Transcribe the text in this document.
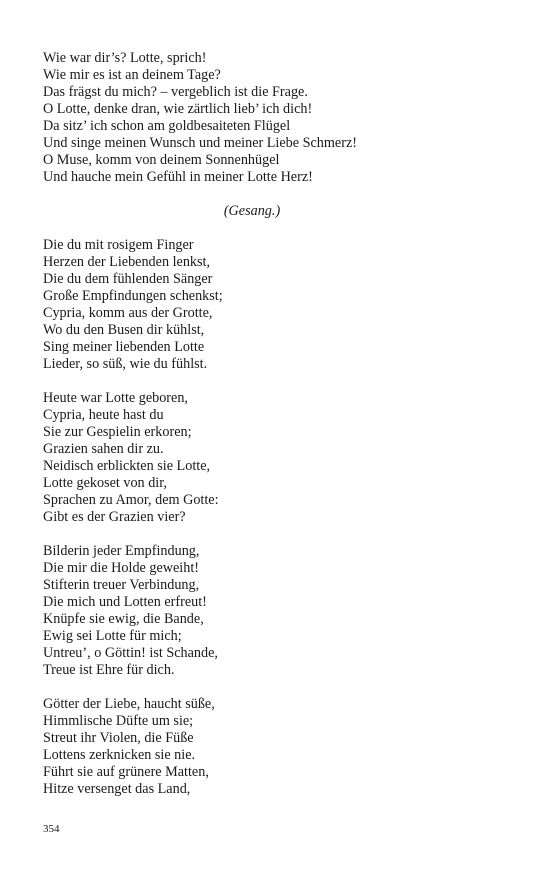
Wie war dir’s? Lotte, sprich!
Wie mir es ist an deinem Tage?
Das frägst du mich? – vergeblich ist die Frage.
O Lotte, denke dran, wie zärtlich lieb’ ich dich!
Da sitz’ ich schon am goldbesaiteten Flügel
Und singe meinen Wunsch und meiner Liebe Schmerz!
O Muse, komm von deinem Sonnenhügel
Und hauche mein Gefühl in meiner Lotte Herz!
(Gesang.)
Die du mit rosigem Finger
Herzen der Liebenden lenkst,
Die du dem fühlenden Sänger
Große Empfindungen schenkst;
Cypria, komm aus der Grotte,
Wo du den Busen dir kühlst,
Sing meiner liebenden Lotte
Lieder, so süß, wie du fühlst.
Heute war Lotte geboren,
Cypria, heute hast du
Sie zur Gespielin erkoren;
Grazien sahen dir zu.
Neidisch erblickten sie Lotte,
Lotte gekoset von dir,
Sprachen zu Amor, dem Gotte:
Gibt es der Grazien vier?
Bilderin jeder Empfindung,
Die mir die Holde geweiht!
Stifterin treuer Verbindung,
Die mich und Lotten erfreut!
Knüpfe sie ewig, die Bande,
Ewig sei Lotte für mich;
Untreu’, o Göttin! ist Schande,
Treue ist Ehre für dich.
Götter der Liebe, haucht süße,
Himmlische Düfte um sie;
Streut ihr Violen, die Füße
Lottens zerknicken sie nie.
Führt sie auf grünere Matten,
Hitze versenget das Land,
354
